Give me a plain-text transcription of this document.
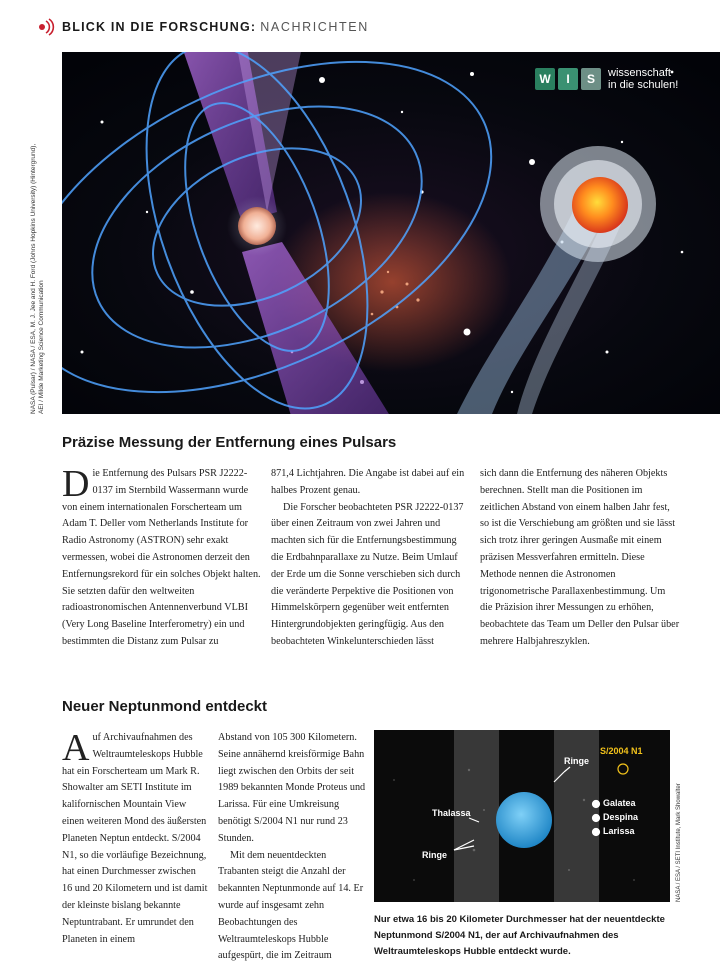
BLICK IN DIE FORSCHUNG: NACHRICHTEN
NASA (Pulsar) / NASA / ESA, M. J. Jee and H. Ford (Johns Hopkins University) (Hintergrund), AEI / Milde Marketing Science Communication
W	I	S	wissenschaft
in die schulen!
Präzise Messung der Entfernung eines Pulsars

Die Entfernung des Pulsars PSR J2222-0137 im Sternbild Wassermann wurde von einem internationalen Forscherteam um Adam T. Deller vom Netherlands Institute for Radio Astronomy (ASTRON) sehr exakt vermessen, wobei die Astronomen derzeit den Entfernungsrekord für ein solches Objekt halten. Sie setzten dafür den weltweiten radioastronomischen Antennenverbund VLBI (Very Long Baseline Interferometry) ein und bestimmten die Distanz zum Pulsar zu

871,4 Lichtjahren. Die Angabe ist dabei auf ein halbes Prozent genau.

Die Forscher beobachteten PSR J2222-0137 über einen Zeitraum von zwei Jahren und machten sich für die Entfernungsbestimmung die Erdbahnparallaxe zu Nutze. Beim Umlauf der Erde um die Sonne verschieben sich durch die veränderte Perpektive die Positionen von Himmelskörpern gegenüber weit entfernten Hintergrundobjekten geringfügig. Aus den beobachteten Winkelunterschieden lässt

sich dann die Entfernung des näheren Objekts berechnen. Stellt man die Positionen im zeitlichen Abstand von einem halben Jahr fest, so ist die Verschiebung am größten und sie lässt sich trotz ihrer geringen Ausmaße mit einem präzisen Messverfahren ermitteln. Diese Methode nennen die Astronomen trigonometrische Parallaxenbestimmung. Um die Präzision ihrer Messungen zu erhöhen, beobachtete das Team um Deller den Pulsar über mehrere Halbjahreszyklen.

Neuer Neptunmond entdeckt

Auf Archivaufnahmen des Weltraumteleskops Hubble hat ein Forscherteam um Mark R. Showalter am SETI Institute im kalifornischen Mountain View einen weiteren Mond des äußersten Planeten Neptun entdeckt. S/2004 N1, so die vorläufige Bezeichnung, hat einen Durchmesser zwischen 16 und 20 Kilometern und ist damit der kleinste bislang bekannte Neptuntrabant. Er umrundet den Planeten in einem

Abstand von 105 300 Kilometern. Seine annähernd kreisförmige Bahn liegt zwischen den Orbits der seit 1989 bekannten Monde Proteus und Larissa. Für eine Umkreisung benötigt S/2004 N1 nur rund 23 Stunden.

Mit dem neuentdeckten Trabanten steigt die Anzahl der bekannten Neptunmonde auf 14. Er wurde auf insgesamt zehn Beobachtungen des Weltraumteleskops Hubble aufgespürt, die im Zeitraum

Ringe
S/2004 N1
Galatea
Despina
Larissa
Thalassa
Ringe	NASA / ESA / SETI Institute, Mark Showalter
Nur etwa 16 bis 20 Kilometer Durchmesser hat der neuentdeckte Neptunmond S/2004 N1, der auf Archivaufnahmen des Weltraumteleskops Hubble entdeckt wurde.
